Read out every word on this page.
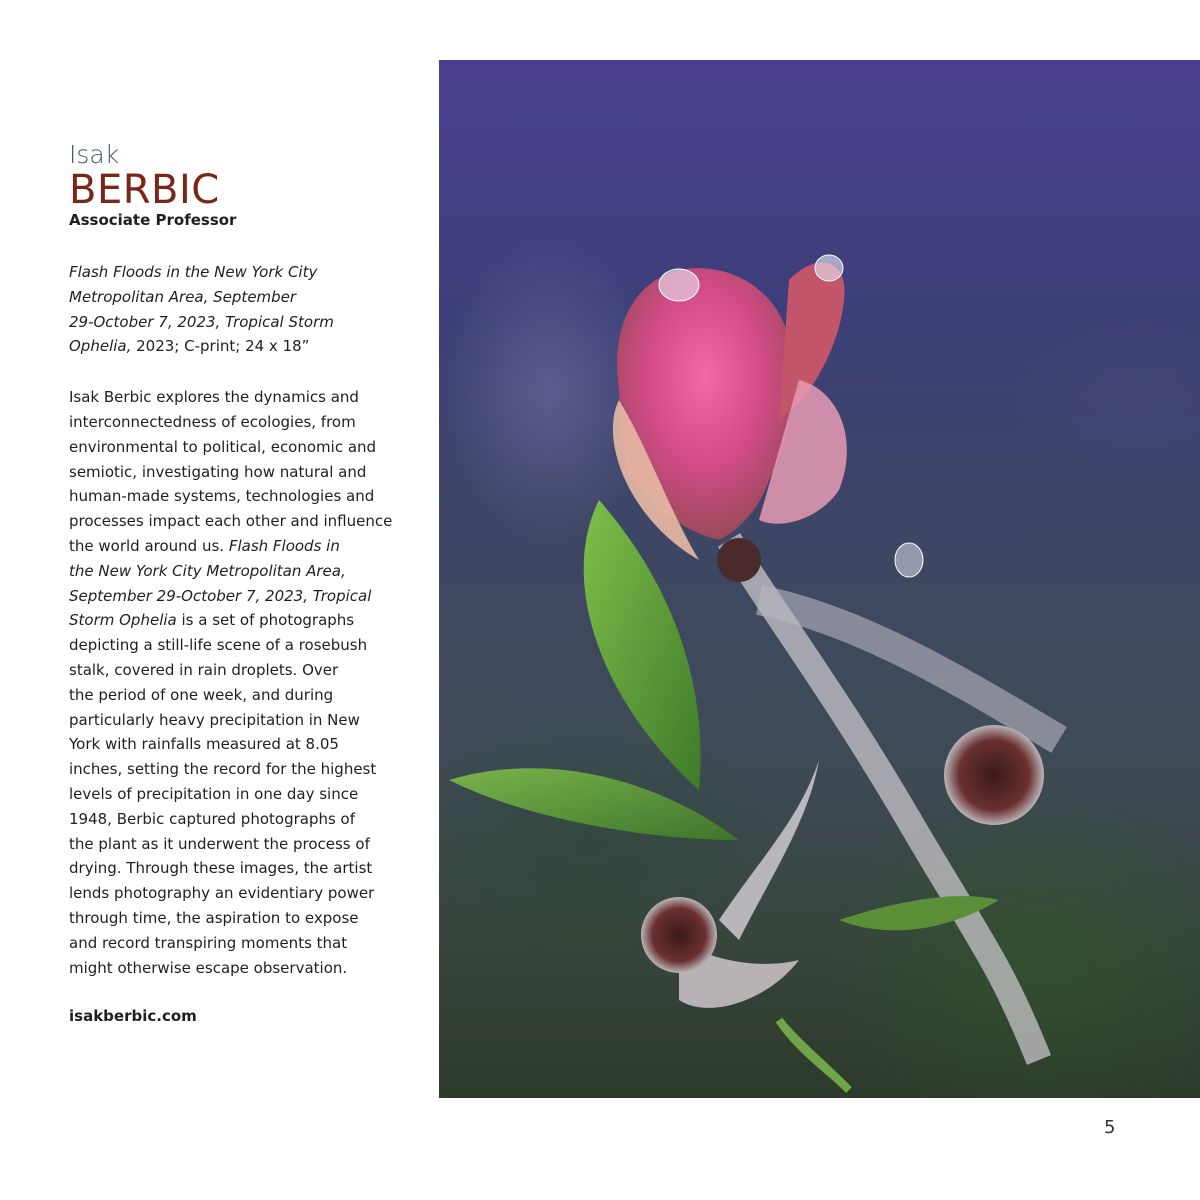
Isak
BERBIC
Associate Professor
Flash Floods in the New York City
Metropolitan Area, September
29-October 7, 2023, Tropical Storm
Ophelia, 2023; C-print; 24 x 18”
Isak Berbic explores the dynamics and
interconnectedness of ecologies, from
environmental to political, economic and
semiotic, investigating how natural and
human-made systems, technologies and
processes impact each other and influence
the world around us. Flash Floods in
the New York City Metropolitan Area,
September 29-October 7, 2023, Tropical
Storm Ophelia is a set of photographs
depicting a still-life scene of a rosebush
stalk, covered in rain droplets. Over
the period of one week, and during
particularly heavy precipitation in New
York with rainfalls measured at 8.05
inches, setting the record for the highest
levels of precipitation in one day since
1948, Berbic captured photographs of
the plant as it underwent the process of
drying. Through these images, the artist
lends photography an evidentiary power
through time, the aspiration to expose
and record transpiring moments that
might otherwise escape observation.
isakberbic.com
5
